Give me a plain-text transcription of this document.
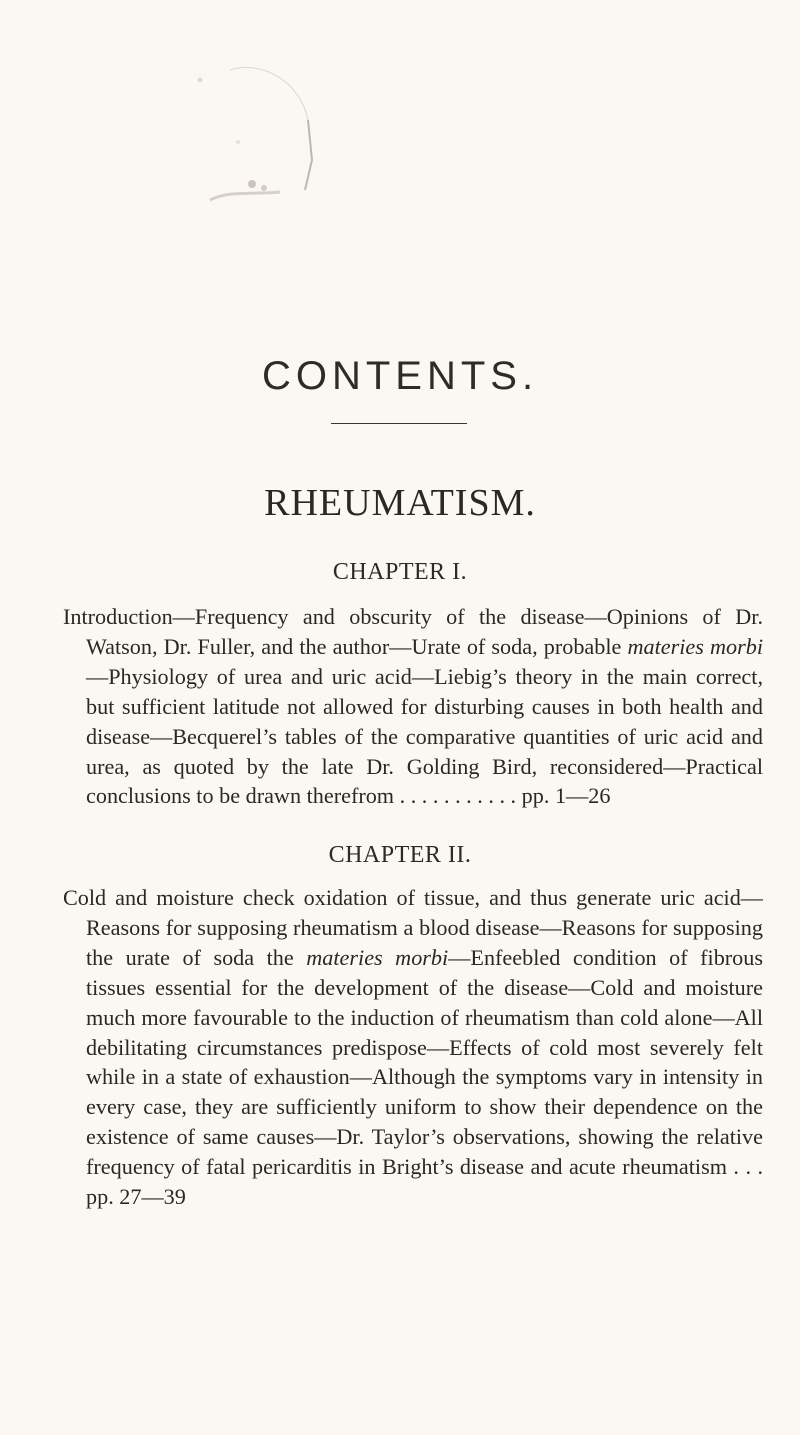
CONTENTS.
RHEUMATISM.
CHAPTER I.

Introduction—Frequency and obscurity of the disease—Opinions of Dr. Watson, Dr. Fuller, and the author—Urate of soda, probable materies morbi—Physiology of urea and uric acid—Liebig’s theory in the main correct, but sufficient latitude not allowed for disturbing causes in both health and disease—Becquerel’s tables of the comparative quantities of uric acid and urea, as quoted by the late Dr. Golding Bird, reconsidered—Practical conclusions to be drawn therefrom . . . . . . . . . . . pp. 1—26

CHAPTER II.

Cold and moisture check oxidation of tissue, and thus generate uric acid—Reasons for supposing rheumatism a blood disease—Reasons for supposing the urate of soda the materies morbi—Enfeebled condition of fibrous tissues essential for the development of the disease—Cold and moisture much more favourable to the induction of rheumatism than cold alone—All debilitating circumstances predispose—Effects of cold most severely felt while in a state of exhaustion—Although the symptoms vary in intensity in every case, they are sufficiently uniform to show their dependence on the existence of same causes—Dr. Taylor’s observations, showing the relative frequency of fatal pericarditis in Bright’s disease and acute rheumatism . . . pp. 27—39
